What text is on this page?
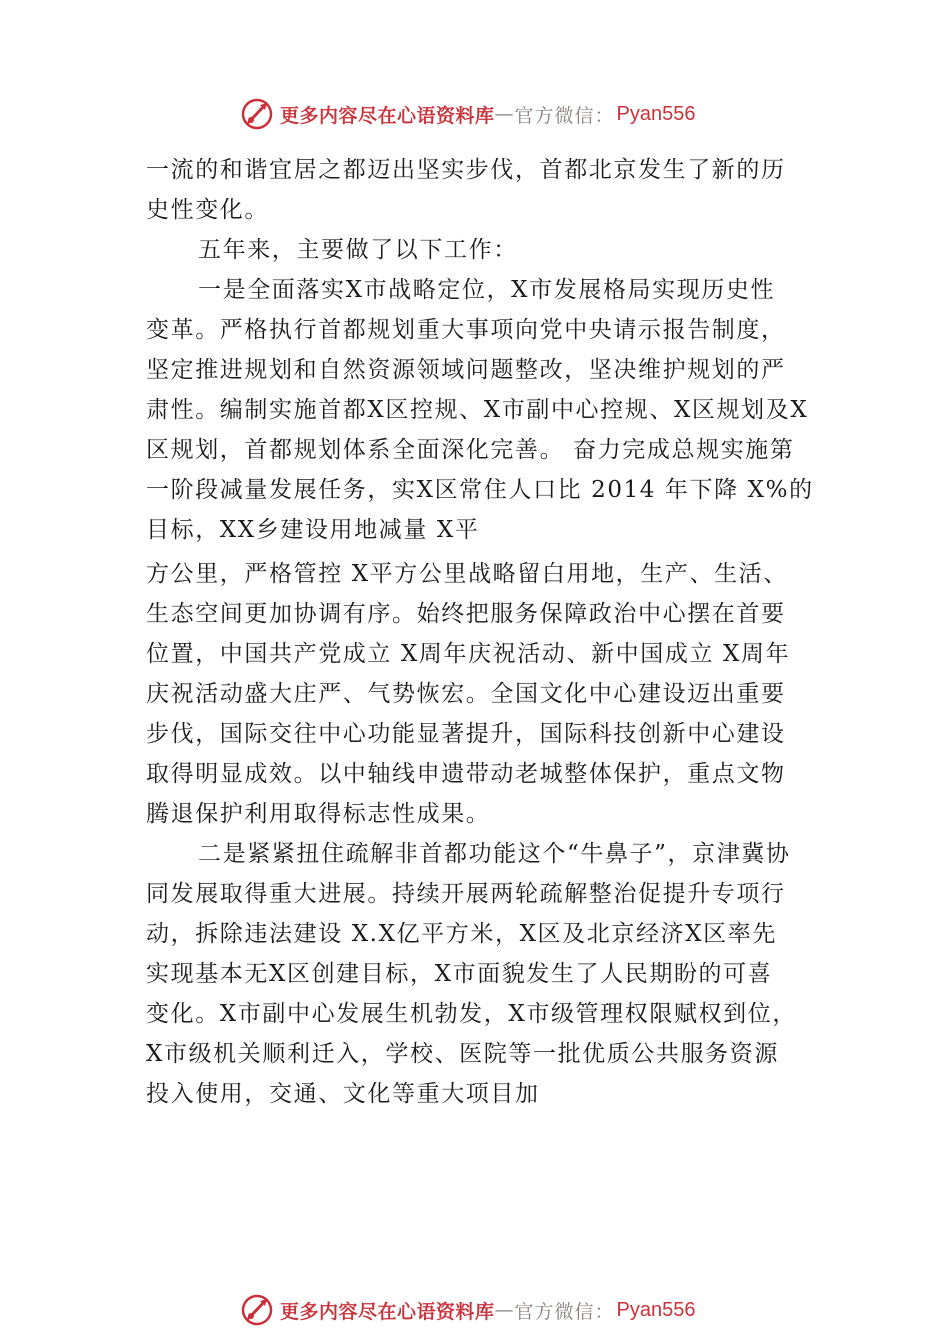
更多内容尽在心语资料库 — 官方微信： Pyan556
一流的和谐宜居之都迈出坚实步伐，首都北京发生了新的历
史性变化。
五年来，主要做了以下工作：
一是全面落实X市战略定位，X市发展格局实现历史性
变革。严格执行首都规划重大事项向党中央请示报告制度，
坚定推进规划和自然资源领域问题整改，坚决维护规划的严
肃性。编制实施首都X区控规、X市副中心控规、X区规划及X
区规划，首都规划体系全面深化完善。 奋力完成总规实施第
一阶段减量发展任务，实X区常住人口比 2014 年下降 X%的
目标，XX乡建设用地减量 X平
方公里，严格管控 X平方公里战略留白用地，生产、生活、
生态空间更加协调有序。始终把服务保障政治中心摆在首要
位置，中国共产党成立 X周年庆祝活动、新中国成立 X周年
庆祝活动盛大庄严、气势恢宏。全国文化中心建设迈出重要
步伐，国际交往中心功能显著提升，国际科技创新中心建设
取得明显成效。以中轴线申遗带动老城整体保护，重点文物
腾退保护利用取得标志性成果。
二是紧紧扭住疏解非首都功能这个“牛鼻子”，京津冀协
同发展取得重大进展。持续开展两轮疏解整治促提升专项行
动，拆除违法建设 X.X亿平方米，X区及北京经济X区率先
实现基本无X区创建目标，X市面貌发生了人民期盼的可喜
变化。X市副中心发展生机勃发，X市级管理权限赋权到位，
X市级机关顺利迁入，学校、医院等一批优质公共服务资源
投入使用，交通、文化等重大项目加
更多内容尽在心语资料库 — 官方微信： Pyan556
